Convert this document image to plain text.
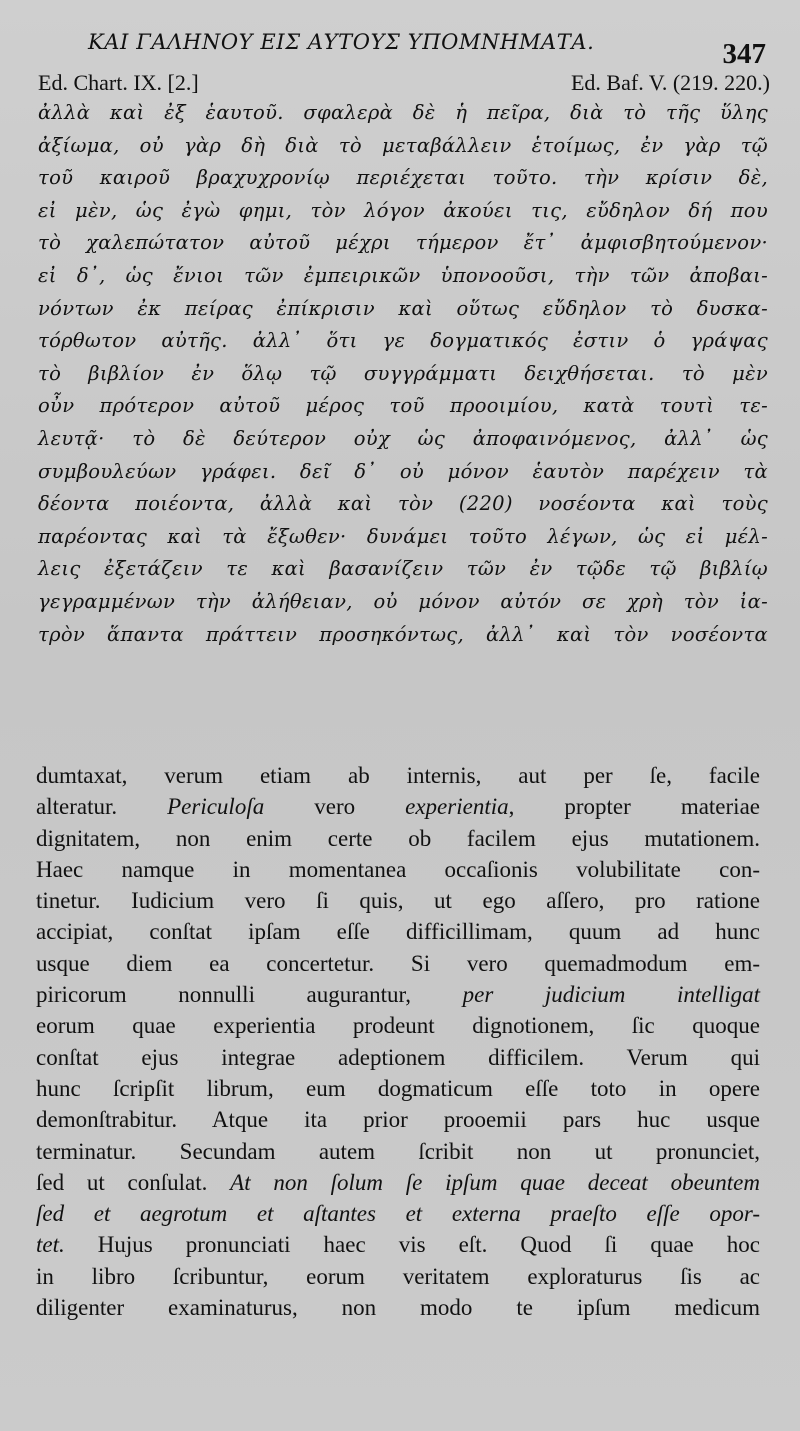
ΚΑΙ ΓΑΛΗΝΟΥ ΕΙΣ ΑΥΤΟΥΣ ΥΠΟΜΝΗΜΑΤΑ.	347
Ed. Chart. IX. [2.]	Ed. Baf. V. (219. 220.)
ἀλλὰ καὶ ἐξ ἑαυτοῦ. σφαλερὰ δὲ ἡ πεῖρα, διὰ τὸ τῆς ὕλης
ἀξίωμα, οὐ γὰρ δὴ διὰ τὸ μεταβάλλειν ἑτοίμως, ἐν γὰρ τῷ
τοῦ καιροῦ βραχυχρονίῳ περιέχεται τοῦτο. τὴν κρίσιν δὲ,
εἰ μὲν, ὡς ἐγὼ φημι, τὸν λόγον ἀκούει τις, εὔδηλον δή που
τὸ χαλεπώτατον αὐτοῦ μέχρι τήμερον ἔτ᾽ ἀμφισβητούμενον·
εἰ δ᾽, ὡς ἔνιοι τῶν ἐμπειρικῶν ὑπονοοῦσι, τὴν τῶν ἀποβαι-
νόντων ἐκ πείρας ἐπίκρισιν καὶ οὕτως εὔδηλον τὸ δυσκα-
τόρθωτον αὐτῆς. ἀλλ᾽ ὅτι γε δογματικός ἐστιν ὁ γράψας
τὸ βιβλίον ἐν ὅλῳ τῷ συγγράμματι δειχθήσεται. τὸ μὲν
οὖν πρότερον αὐτοῦ μέρος τοῦ προοιμίου, κατὰ τουτὶ τε-
λευτᾷ· τὸ δὲ δεύτερον οὐχ ὡς ἀποφαινόμενος, ἀλλ᾽ ὡς
συμβουλεύων γράφει. δεῖ δ᾽ οὐ μόνον ἑαυτὸν παρέχειν τὰ
δέοντα ποιέοντα, ἀλλὰ καὶ τὸν (220) νοσέοντα καὶ τοὺς
παρέοντας καὶ τὰ ἔξωθεν· δυνάμει τοῦτο λέγων, ὡς εἰ μέλ-
λεις ἐξετάζειν τε καὶ βασανίζειν τῶν ἐν τῷδε τῷ βιβλίῳ
γεγραμμένων τὴν ἀλήθειαν, οὐ μόνον αὐτόν σε χρὴ τὸν ἰα-
τρὸν ἅπαντα πράττειν προσηκόντως, ἀλλ᾽ καὶ τὸν νοσέοντα
dumtaxat, verum etiam ab internis, aut per ſe, facile
alteratur. Periculoſa vero experientia, propter materiae
dignitatem, non enim certe ob facilem ejus mutationem.
Haec namque in momentanea occaſionis volubilitate con-
tinetur. Iudicium vero ſi quis, ut ego aſſero, pro ratione
accipiat, conſtat ipſam eſſe difficillimam, quum ad hunc
usque diem ea concertetur. Si vero quemadmodum em-
piricorum nonnulli augurantur, per judicium intelligat
eorum quae experientia prodeunt dignotionem, ſic quoque
conſtat ejus integrae adeptionem difficilem. Verum qui
hunc ſcripſit librum, eum dogmaticum eſſe toto in opere
demonſtrabitur. Atque ita prior prooemii pars huc usque
terminatur. Secundam autem ſcribit non ut pronunciet,
ſed ut conſulat. At non ſolum ſe ipſum quae deceat obeuntem
ſed et aegrotum et aſtantes et externa praeſto eſſe opor-
tet. Hujus pronunciati haec vis eſt. Quod ſi quae hoc
in libro ſcribuntur, eorum veritatem exploraturus ſis ac
diligenter examinaturus, non modo te ipſum medicum
